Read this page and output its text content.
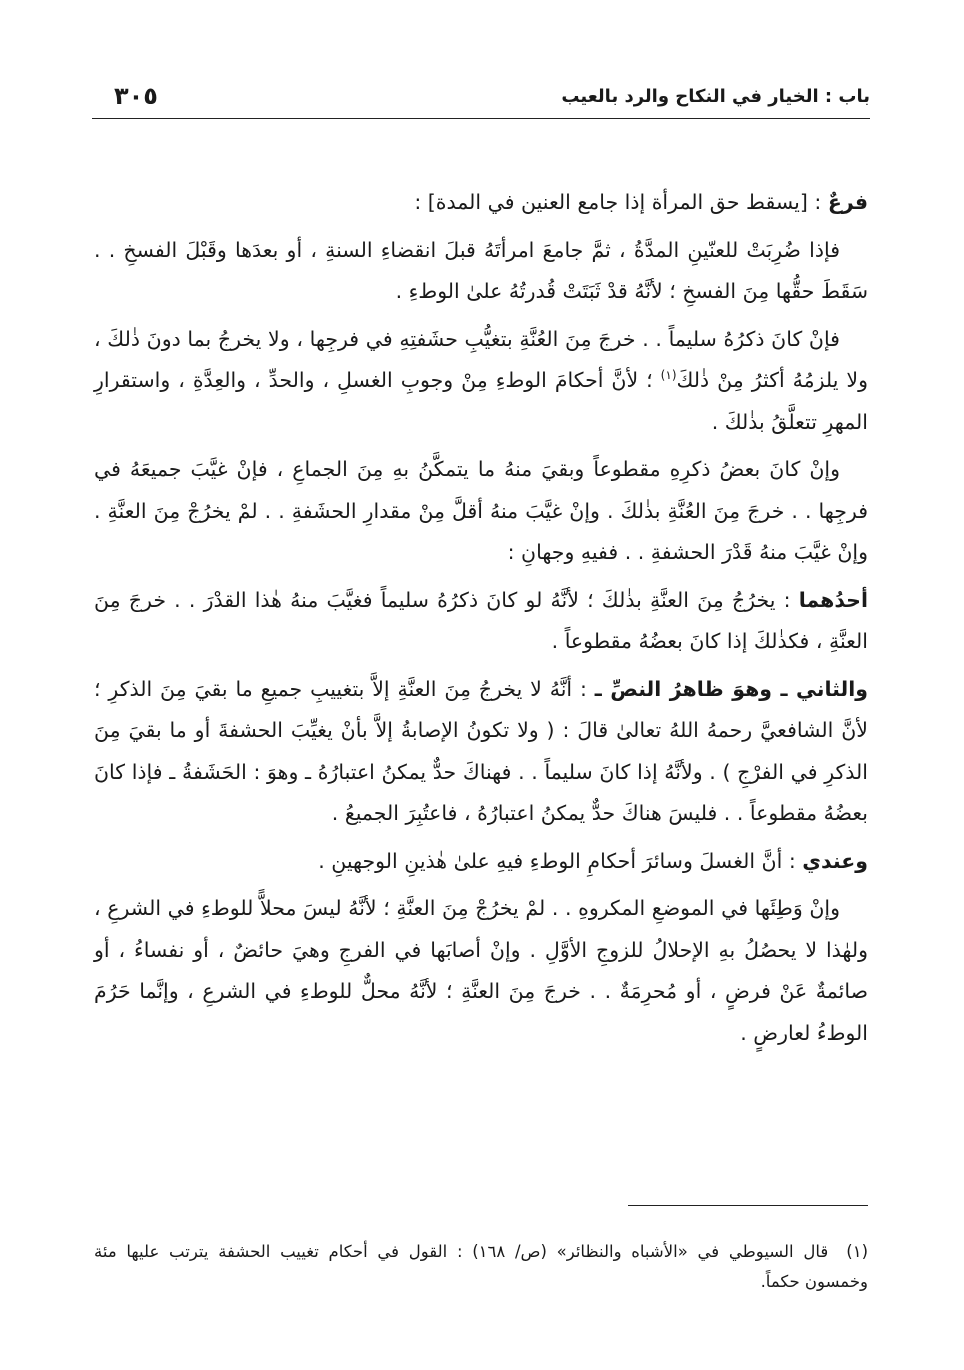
باب : الخيار في النكاح والرد بالعيب
٣٠٥

فرعٌ : [يسقط حق المرأة إذا جامع العنين في المدة] :

فإذا ضُرِبَتْ للعنّينِ المدَّةُ ، ثمَّ جامعَ امرأتَهُ قبلَ انقضاءِ السنةِ ، أو بعدَها وقَبْلَ الفسخِ . . سَقَطَ حقُّها مِنَ الفسخِ ؛ لأنَّهُ قدْ ثَبَتَتْ قُدرتُهُ علىٰ الوطءِ .

فإنْ كانَ ذكرُهُ سليماً . . خرجَ مِنَ العُنَّةِ بتغيُّبِ حشَفتِهِ في فرجِها ، ولا يخرجُ بما دونَ ذٰلكَ ، ولا يلزمُهُ أكثرُ مِنْ ذٰلكَ$^{(١)}$ ؛ لأنَّ أحكامَ الوطءِ مِنْ وجوبِ الغسلِ ، والحدِّ ، والعِدَّةِ ، واستقرارِ المهرِ تتعلَّقُ بذٰلكَ .

وإنْ كانَ بعضُ ذكرِهِ مقطوعاً وبقيَ منهُ ما يتمكَّنُ بهِ مِنَ الجماعِ ، فإنْ غيَّبَ جميعَهُ في فرجِها . . خرجَ مِنَ العُنَّةِ بذٰلكَ . وإنْ غيَّبَ منهُ أقلَّ مِنْ مقدارِ الحشَفةِ . . لمْ يخرُجْ مِنَ العنَّةِ . وإنْ غيَّبَ منهُ قَدْرَ الحشفةِ . . ففيهِ وجهانِ :

أحدُهما : يخرُجُ مِنَ العنَّةِ بذٰلكَ ؛ لأنَّهُ لو كانَ ذكرُهُ سليماً فغيَّبَ منهُ هٰذا القدْرَ . . خرجَ مِنَ العنَّةِ ، فكذٰلكَ إذا كانَ بعضُهُ مقطوعاً .

والثاني ـ وهوَ ظاهرُ النصِّ ـ : أنَّهُ لا يخرجُ مِنَ العنَّةِ إلاَّ بتغييبِ جميعِ ما بقيَ مِنَ الذكرِ ؛ لأنَّ الشافعيَّ رحمهُ اللهُ تعالىٰ قالَ : ( ولا تكونُ الإصابةُ إلاَّ بأنْ يغيِّبَ الحشفةَ أو ما بقيَ مِنَ الذكرِ في الفرْجِ ) . ولأنَّهُ إذا كانَ سليماً . . فهناكَ حدٌّ يمكنُ اعتبارُهُ ـ وهوَ : الحَشَفةُ ـ فإذا كانَ بعضُهُ مقطوعاً . . فليسَ هناكَ حدٌّ يمكنُ اعتبارُهُ ، فاعتُبِرَ الجميعُ .

وعندي : أنَّ الغسلَ وسائرَ أحكامِ الوطءِ فيهِ علىٰ هٰذينِ الوجهينِ .

وإنْ وَطِئَها في الموضعِ المكروهِ . . لمْ يخرُجْ مِنَ العنَّةِ ؛ لأنَّهُ ليسَ محلاًّ للوطءِ في الشرعِ ، ولهٰذا لا يحصُلُ بهِ الإحلالُ للزوجِ الأوَّلِ . وإنْ أصابَها في الفرجِ وهيَ حائضٌ ، أو نفساءُ ، أو صائمةٌ عَنْ فرضٍ ، أو مُحرِمَةٌ . . خرجَ مِنَ العنَّةِ ؛ لأنَّهُ محلٌّ للوطءِ في الشرعِ ، وإنَّما حَرُمَ الوطءُ لعارضٍ .

(١)قال السيوطي في «الأشباه والنظائر» (ص/ ١٦٨) : القول في أحكام تغييب الحشفة يترتب عليها مئة وخمسون حكماً.
